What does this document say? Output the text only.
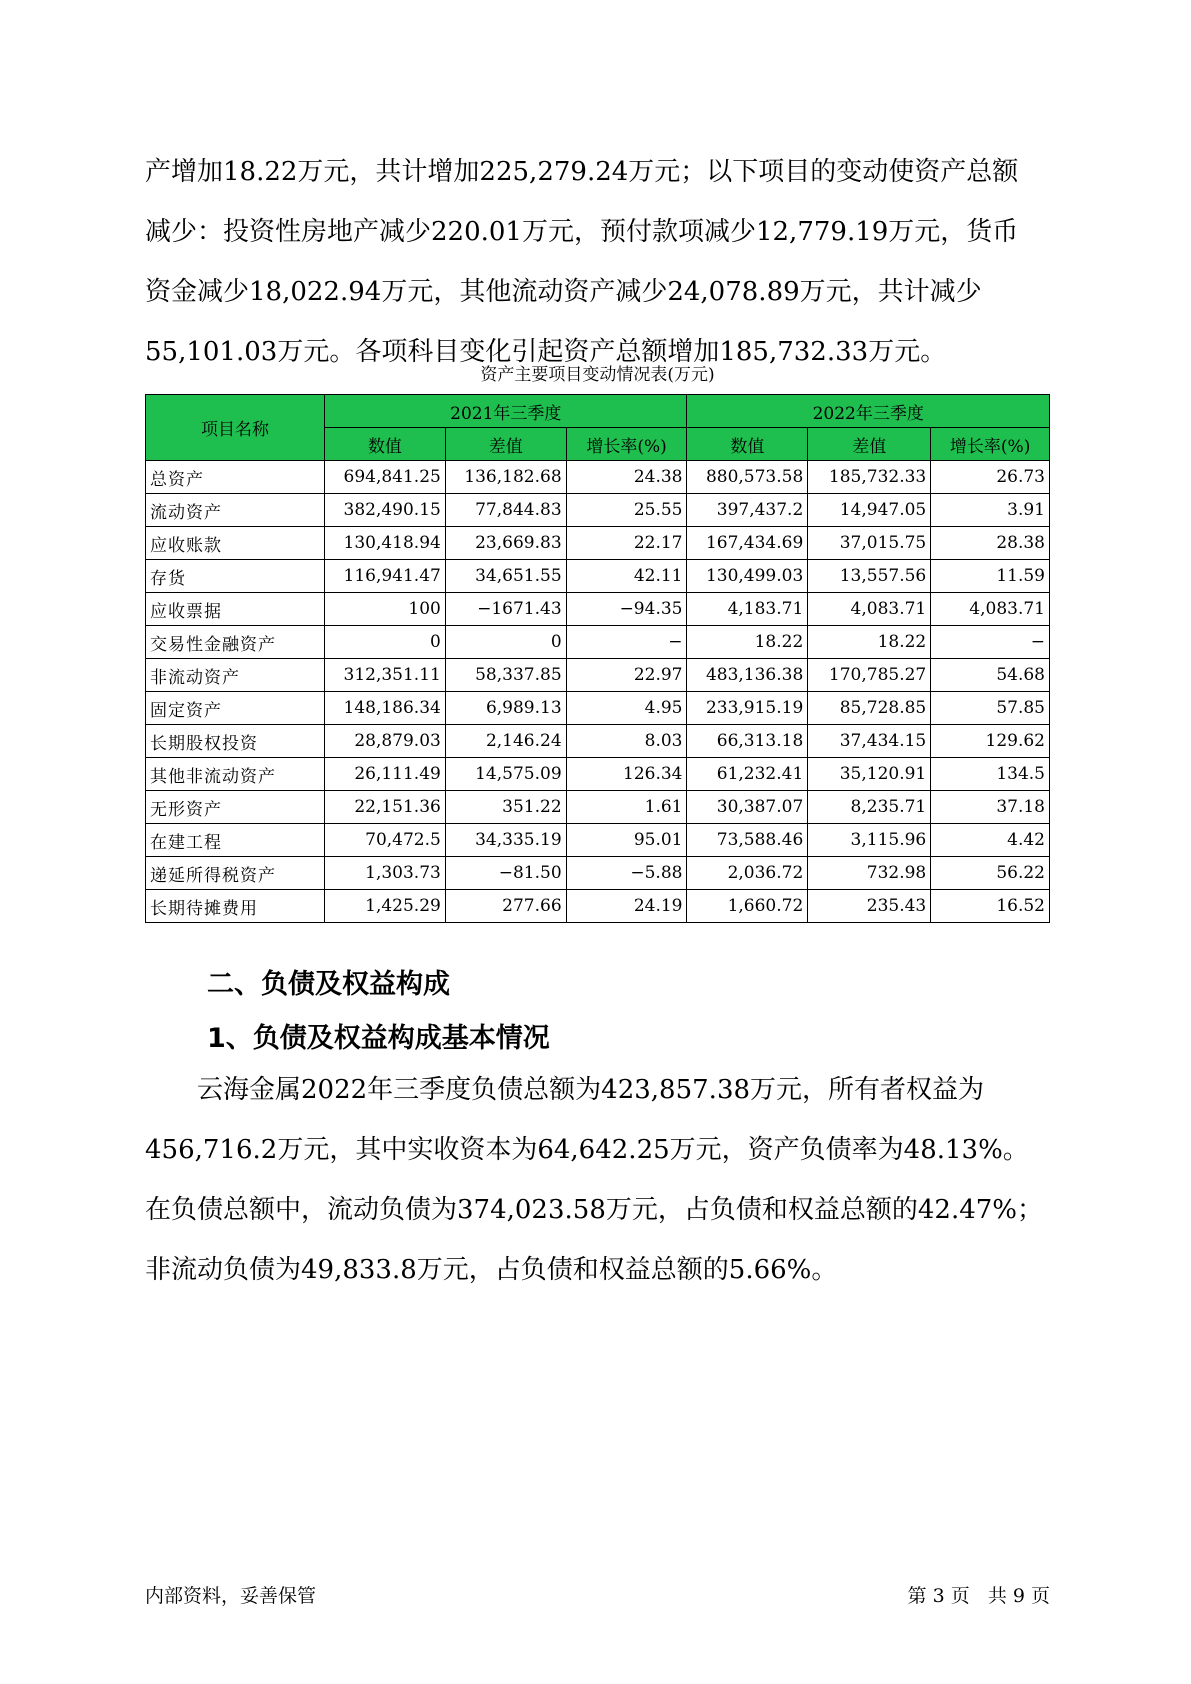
产增加18.22万元，共计增加225,279.24万元；以下项目的变动使资产总额
减少：投资性房地产减少220.01万元，预付款项减少12,779.19万元，货币
资金减少18,022.94万元，其他流动资产减少24,078.89万元，共计减少
55,101.03万元。各项科目变化引起资产总额增加185,732.33万元。
资产主要项目变动情况表(万元)
项目名称	2021年三季度			2022年三季度		
	数值	差值	增长率(%)	数值	差值	增长率(%)
总资产	694,841.25	136,182.68	24.38	880,573.58	185,732.33	26.73
流动资产	382,490.15	77,844.83	25.55	397,437.2	14,947.05	3.91
应收账款	130,418.94	23,669.83	22.17	167,434.69	37,015.75	28.38
存货	116,941.47	34,651.55	42.11	130,499.03	13,557.56	11.59
应收票据	100	−1671.43	−94.35	4,183.71	4,083.71	4,083.71
交易性金融资产	0	0	−	18.22	18.22	−
非流动资产	312,351.11	58,337.85	22.97	483,136.38	170,785.27	54.68
固定资产	148,186.34	6,989.13	4.95	233,915.19	85,728.85	57.85
长期股权投资	28,879.03	2,146.24	8.03	66,313.18	37,434.15	129.62
其他非流动资产	26,111.49	14,575.09	126.34	61,232.41	35,120.91	134.5
无形资产	22,151.36	351.22	1.61	30,387.07	8,235.71	37.18
在建工程	70,472.5	34,335.19	95.01	73,588.46	3,115.96	4.42
递延所得税资产	1,303.73	−81.50	−5.88	2,036.72	732.98	56.22
长期待摊费用	1,425.29	277.66	24.19	1,660.72	235.43	16.52
二、负债及权益构成
1、负债及权益构成基本情况
云海金属2022年三季度负债总额为423,857.38万元，所有者权益为
456,716.2万元，其中实收资本为64,642.25万元，资产负债率为48.13%。
在负债总额中，流动负债为374,023.58万元，占负债和权益总额的42.47%；
非流动负债为49,833.8万元，占负债和权益总额的5.66%。
内部资料，妥善保管	第 3 页 共 9 页
